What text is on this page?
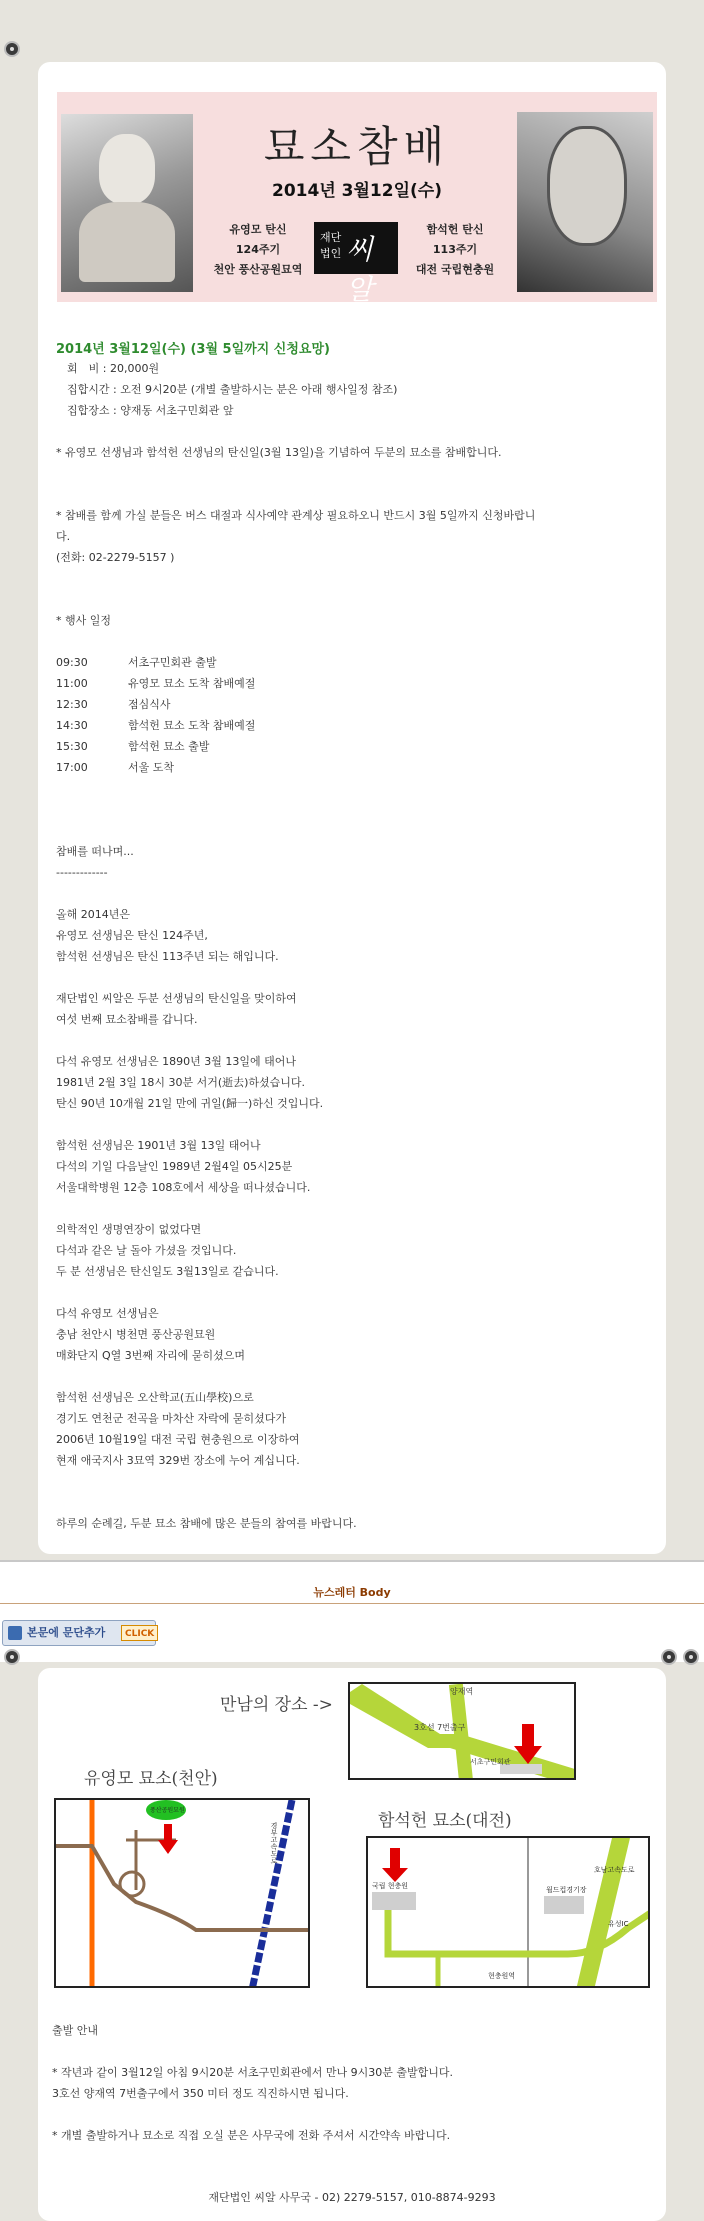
묘소참배
2014년 3월12일(수)
유영모 탄신
124주기
천안 풍산공원묘역
재단 법인 씨알
함석헌 탄신
113주기
대전 국립현충원
2014년 3월12일(수) (3월 5일까지 신청요망)
　회　비 : 20,000원
　집합시간 : 오전 9시20분 (개별 출발하시는 분은 아래 행사일정 참조)
　집합장소 : 양재동 서초구민회관 앞
* 유영모 선생님과 함석헌 선생님의 탄신일(3월 13일)을 기념하여 두분의 묘소를 참배합니다.
* 참배를 함께 가실 분들은 버스 대절과 식사예약 관계상 필요하오니 반드시 3월 5일까지 신청바랍니
다.
(전화: 02-2279-5157 )
* 행사 일정
09:30	서초구민회관 출발
11:00	유영모 묘소 도착 참배예절
12:30	점심식사
14:30	함석헌 묘소 도착 참배예절
15:30	함석헌 묘소 출발
17:00	서울 도착
참배를 떠나며...
-------------
올해 2014년은
유영모 선생님은 탄신 124주년,
함석헌 선생님은 탄신 113주년 되는 해입니다.
재단법인 씨알은 두분 선생님의 탄신일을 맞이하여
여섯 번째 묘소참배를 갑니다.
다석 유영모 선생님은 1890년 3월 13일에 태어나
1981년 2월 3일 18시 30분 서거(逝去)하셨습니다.
탄신 90년 10개월 21일 만에 귀일(歸一)하신 것입니다.
함석헌 선생님은 1901년 3월 13일 태어나
다석의 기일 다음날인 1989년 2월4일 05시25분
서울대학병원 12층 108호에서 세상을 떠나셨습니다.
의학적인 생명연장이 없었다면
다석과 같은 날 돌아 가셨을 것입니다.
두 분 선생님은 탄신일도 3월13일로 같습니다.
다석 유영모 선생님은
충남 천안시 병천면 풍산공원묘원
매화단지 Q열 3번째 자리에 묻히셨으며
함석헌 선생님은 오산학교(五山學校)으로
경기도 연천군 전곡을 마차산 자락에 묻히셨다가
2006년 10월19일 대전 국립 현충원으로 이장하여
현재 애국지사 3묘역 329번 장소에 누어 계십니다.
하루의 순례길, 두분 묘소 참배에 많은 분들의 참여를 바랍니다.
뉴스레터 Body
본문에 문단추가	CLICK
만남의 장소 ->
양재역
3호선 7번출구
서초구민회관
유영모 묘소(천안)
풍산공원묘원
경부고속도로
함석헌 묘소(대전)
국립 현충원	월드컵경기장
호남고속도로
유성IC
현충원역
출발 안내
* 작년과 같이 3월12일 아침 9시20분 서초구민회관에서 만나 9시30분 출발합니다.
3호선 양재역 7번출구에서 350 미터 정도 직진하시면 됩니다.
* 개별 출발하거나 묘소로 직접 오실 분은 사무국에 전화 주셔서 시간약속 바랍니다.
재단법인 씨알 사무국 - 02) 2279-5157, 010-8874-9293
